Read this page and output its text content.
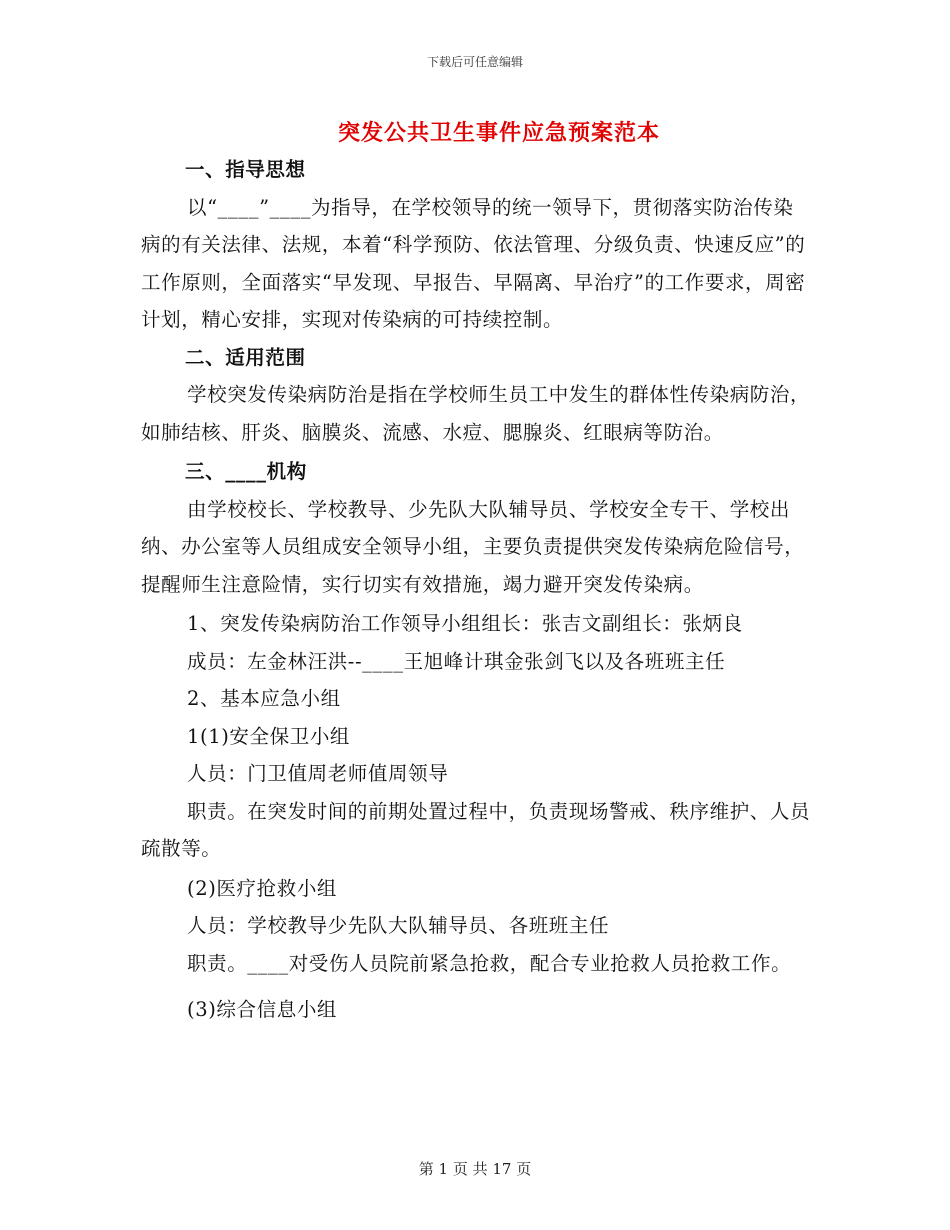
下载后可任意编辑
突发公共卫生事件应急预案范本

一、指导思想

以“____”____为指导，在学校领导的统一领导下，贯彻落实防治传染病的有关法律、法规，本着“科学预防、依法管理、分级负责、快速反应”的工作原则，全面落实“早发现、早报告、早隔离、早治疗”的工作要求，周密计划，精心安排，实现对传染病的可持续控制。

二、适用范围

学校突发传染病防治是指在学校师生员工中发生的群体性传染病防治，如肺结核、肝炎、脑膜炎、流感、水痘、腮腺炎、红眼病等防治。

三、____机构

由学校校长、学校教导、少先队大队辅导员、学校安全专干、学校出纳、办公室等人员组成安全领导小组，主要负责提供突发传染病危险信号，提醒师生注意险情，实行切实有效措施，竭力避开突发传染病。

1、突发传染病防治工作领导小组组长：张吉文副组长：张炳良

成员：左金林汪洪--____王旭峰计琪金张剑飞以及各班班主任

2、基本应急小组

1(1)安全保卫小组

人员：门卫值周老师值周领导

职责。在突发时间的前期处置过程中，负责现场警戒、秩序维护、人员疏散等。

(2)医疗抢救小组

人员：学校教导少先队大队辅导员、各班班主任

职责。____对受伤人员院前紧急抢救，配合专业抢救人员抢救工作。

(3)综合信息小组

第 1 页 共 17 页
